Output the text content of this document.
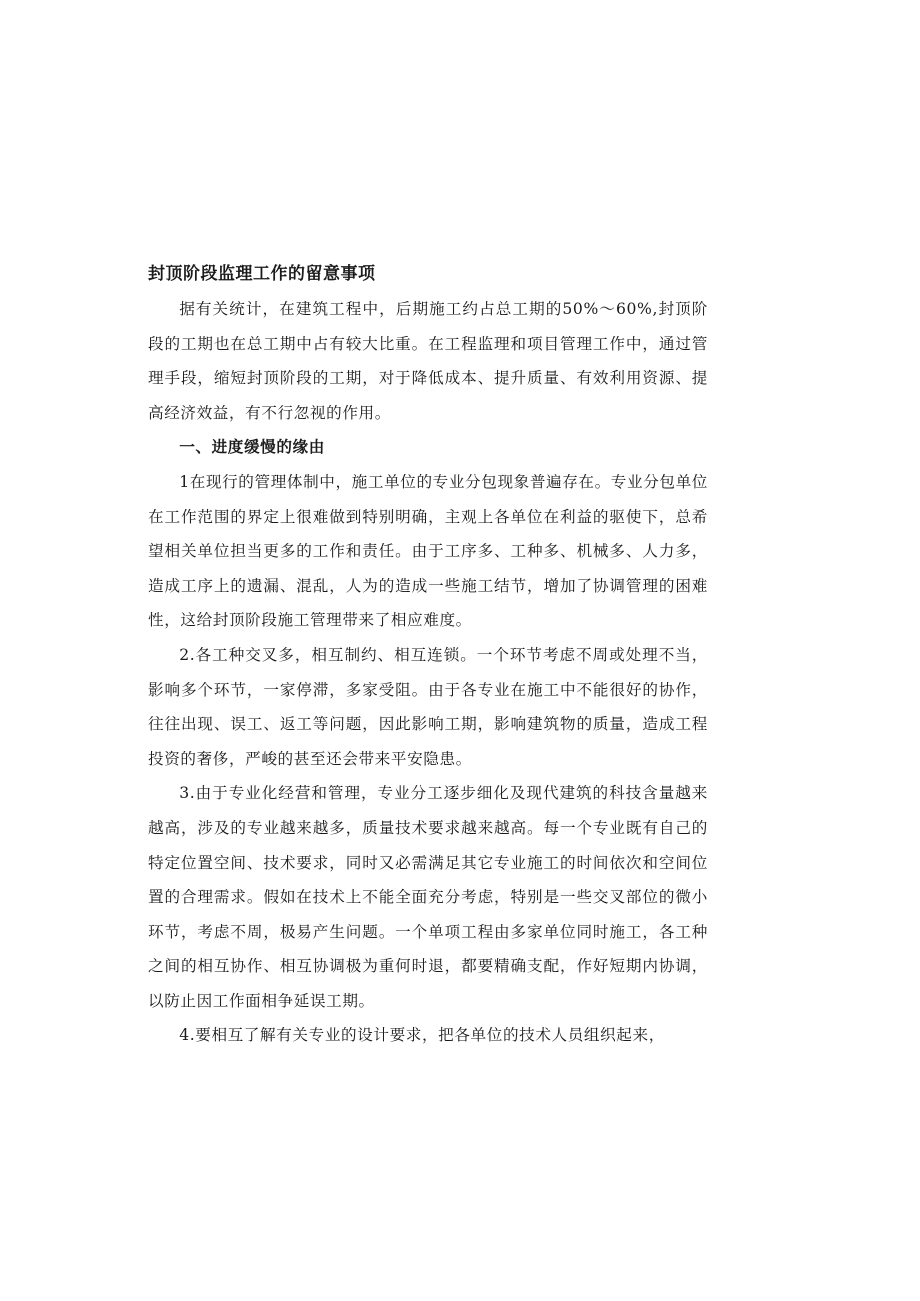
封顶阶段监理工作的留意事项

据有关统计，在建筑工程中，后期施工约占总工期的50%～60%,封顶阶段的工期也在总工期中占有较大比重。在工程监理和项目管理工作中，通过管理手段，缩短封顶阶段的工期，对于降低成本、提升质量、有效利用资源、提高经济效益，有不行忽视的作用。

一、进度缓慢的缘由

1在现行的管理体制中，施工单位的专业分包现象普遍存在。专业分包单位在工作范围的界定上很难做到特别明确，主观上各单位在利益的驱使下，总希望相关单位担当更多的工作和责任。由于工序多、工种多、机械多、人力多，造成工序上的遗漏、混乱，人为的造成一些施工结节，增加了协调管理的困难性，这给封顶阶段施工管理带来了相应难度。

2.各工种交叉多，相互制约、相互连锁。一个环节考虑不周或处理不当，影响多个环节，一家停滞，多家受阻。由于各专业在施工中不能很好的协作，往往出现、误工、返工等问题，因此影响工期，影响建筑物的质量，造成工程投资的奢侈，严峻的甚至还会带来平安隐患。

3.由于专业化经营和管理，专业分工逐步细化及现代建筑的科技含量越来越高，涉及的专业越来越多，质量技术要求越来越高。每一个专业既有自己的特定位置空间、技术要求，同时又必需满足其它专业施工的时间依次和空间位置的合理需求。假如在技术上不能全面充分考虑，特别是一些交叉部位的微小环节，考虑不周，极易产生问题。一个单项工程由多家单位同时施工，各工种之间的相互协作、相互协调极为重何时退，都要精确支配，作好短期内协调，以防止因工作面相争延误工期。

4.要相互了解有关专业的设计要求，把各单位的技术人员组织起来，
